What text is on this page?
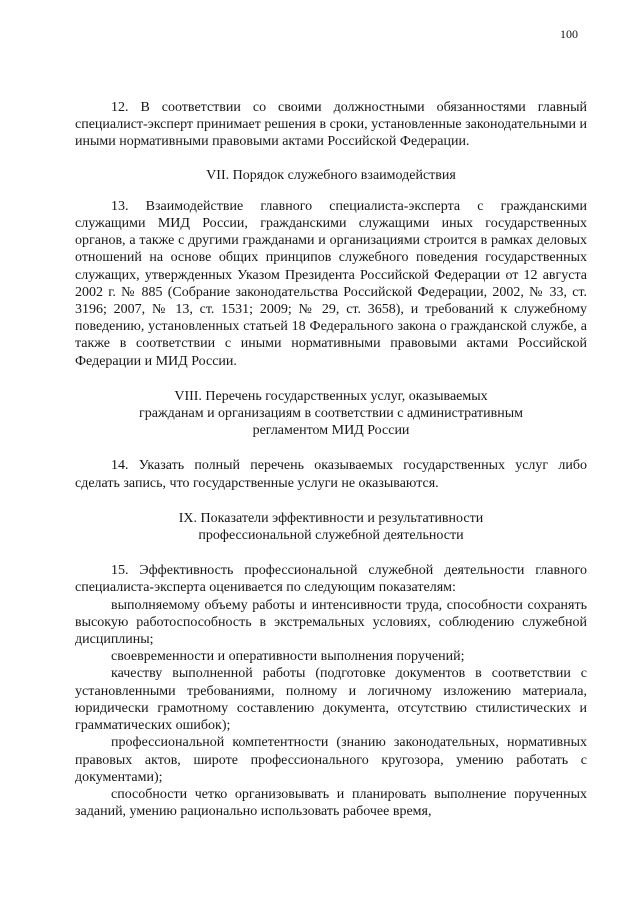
100

12. В соответствии со своими должностными обязанностями главный специалист-эксперт принимает решения в сроки, установленные законодательными и иными нормативными правовыми актами Российской Федерации.

VII. Порядок служебного взаимодействия

13. Взаимодействие главного специалиста-эксперта с гражданскими служащими МИД России, гражданскими служащими иных государственных органов, а также с другими гражданами и организациями строится в рамках деловых отношений на основе общих принципов служебного поведения государственных служащих, утвержденных Указом Президента Российской Федерации от 12 августа 2002 г. № 885 (Собрание законодательства Российской Федерации, 2002, № 33, ст. 3196; 2007, № 13, ст. 1531; 2009; № 29, ст. 3658), и требований к служебному поведению, установленных статьей 18 Федерального закона о гражданской службе, а также в соответствии с иными нормативными правовыми актами Российской Федерации и МИД России.

VIII. Перечень государственных услуг, оказываемых

гражданам и организациям в соответствии с административным

регламентом МИД России

14. Указать полный перечень оказываемых государственных услуг либо сделать запись, что государственные услуги не оказываются.

IX. Показатели эффективности и результативности

профессиональной служебной деятельности

15. Эффективность профессиональной служебной деятельности главного специалиста-эксперта оценивается по следующим показателям:

выполняемому объему работы и интенсивности труда, способности сохранять высокую работоспособность в экстремальных условиях, соблюдению служебной дисциплины;

своевременности и оперативности выполнения поручений;

качеству выполненной работы (подготовке документов в соответствии с установленными требованиями, полному и логичному изложению материала, юридически грамотному составлению документа, отсутствию стилистических и грамматических ошибок);

профессиональной компетентности (знанию законодательных, нормативных правовых актов, широте профессионального кругозора, умению работать с документами);

способности четко организовывать и планировать выполнение порученных заданий, умению рационально использовать рабочее время,
